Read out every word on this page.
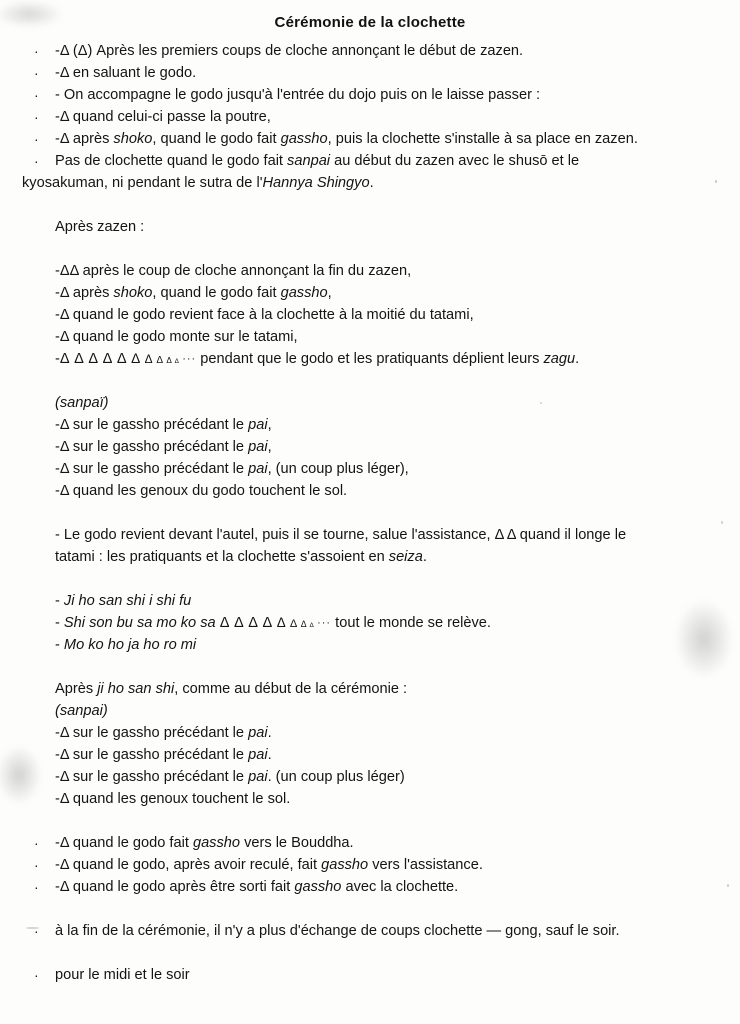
Cérémonie de la clochette
· -Δ (Δ) Après les premiers coups de cloche annonçant le début de zazen.
· -Δ en saluant le godo.
· - On accompagne le godo jusqu'à l'entrée du dojo puis on le laisse passer :
· -Δ quand celui-ci passe la poutre,
· -Δ après shoko, quand le godo fait gassho, puis la clochette s'installe à sa place en zazen.
· Pas de clochette quand le godo fait sanpai au début du zazen avec le shusō et le
kyosakuman, ni pendant le sutra de l'Hannya Shingyo.
Après zazen :
-ΔΔ après le coup de cloche annonçant la fin du zazen,
-Δ après shoko, quand le godo fait gassho,
-Δ quand le godo revient face à la clochette à la moitié du tatami,
-Δ quand le godo monte sur le tatami,
-Δ Δ Δ Δ Δ Δ Δ Δ Δ Δ ··· pendant que le godo et les pratiquants déplient leurs zagu.
(sanpaï)
-Δ sur le gassho précédant le pai,
-Δ sur le gassho précédant le pai,
-Δ sur le gassho précédant le pai, (un coup plus léger),
-Δ quand les genoux du godo touchent le sol.
- Le godo revient devant l'autel, puis il se tourne, salue l'assistance, Δ Δ quand il longe le
tatami : les pratiquants et la clochette s'assoient en seiza.
- Ji ho san shi i shi fu
- Shi son bu sa mo ko sa Δ Δ Δ Δ Δ Δ Δ Δ ··· tout le monde se relève.
- Mo ko ho ja ho ro mi
Après ji ho san shi, comme au début de la cérémonie :
(sanpai)
-Δ sur le gassho précédant le pai.
-Δ sur le gassho précédant le pai.
-Δ sur le gassho précédant le pai. (un coup plus léger)
-Δ quand les genoux touchent le sol.
· -Δ quand le godo fait gassho vers le Bouddha.
· -Δ quand le godo, après avoir reculé, fait gassho vers l'assistance.
· -Δ quand le godo après être sorti fait gassho avec la clochette.
· à la fin de la cérémonie, il n'y a plus d'échange de coups clochette — gong, sauf le soir.
· pour le midi et le soir
